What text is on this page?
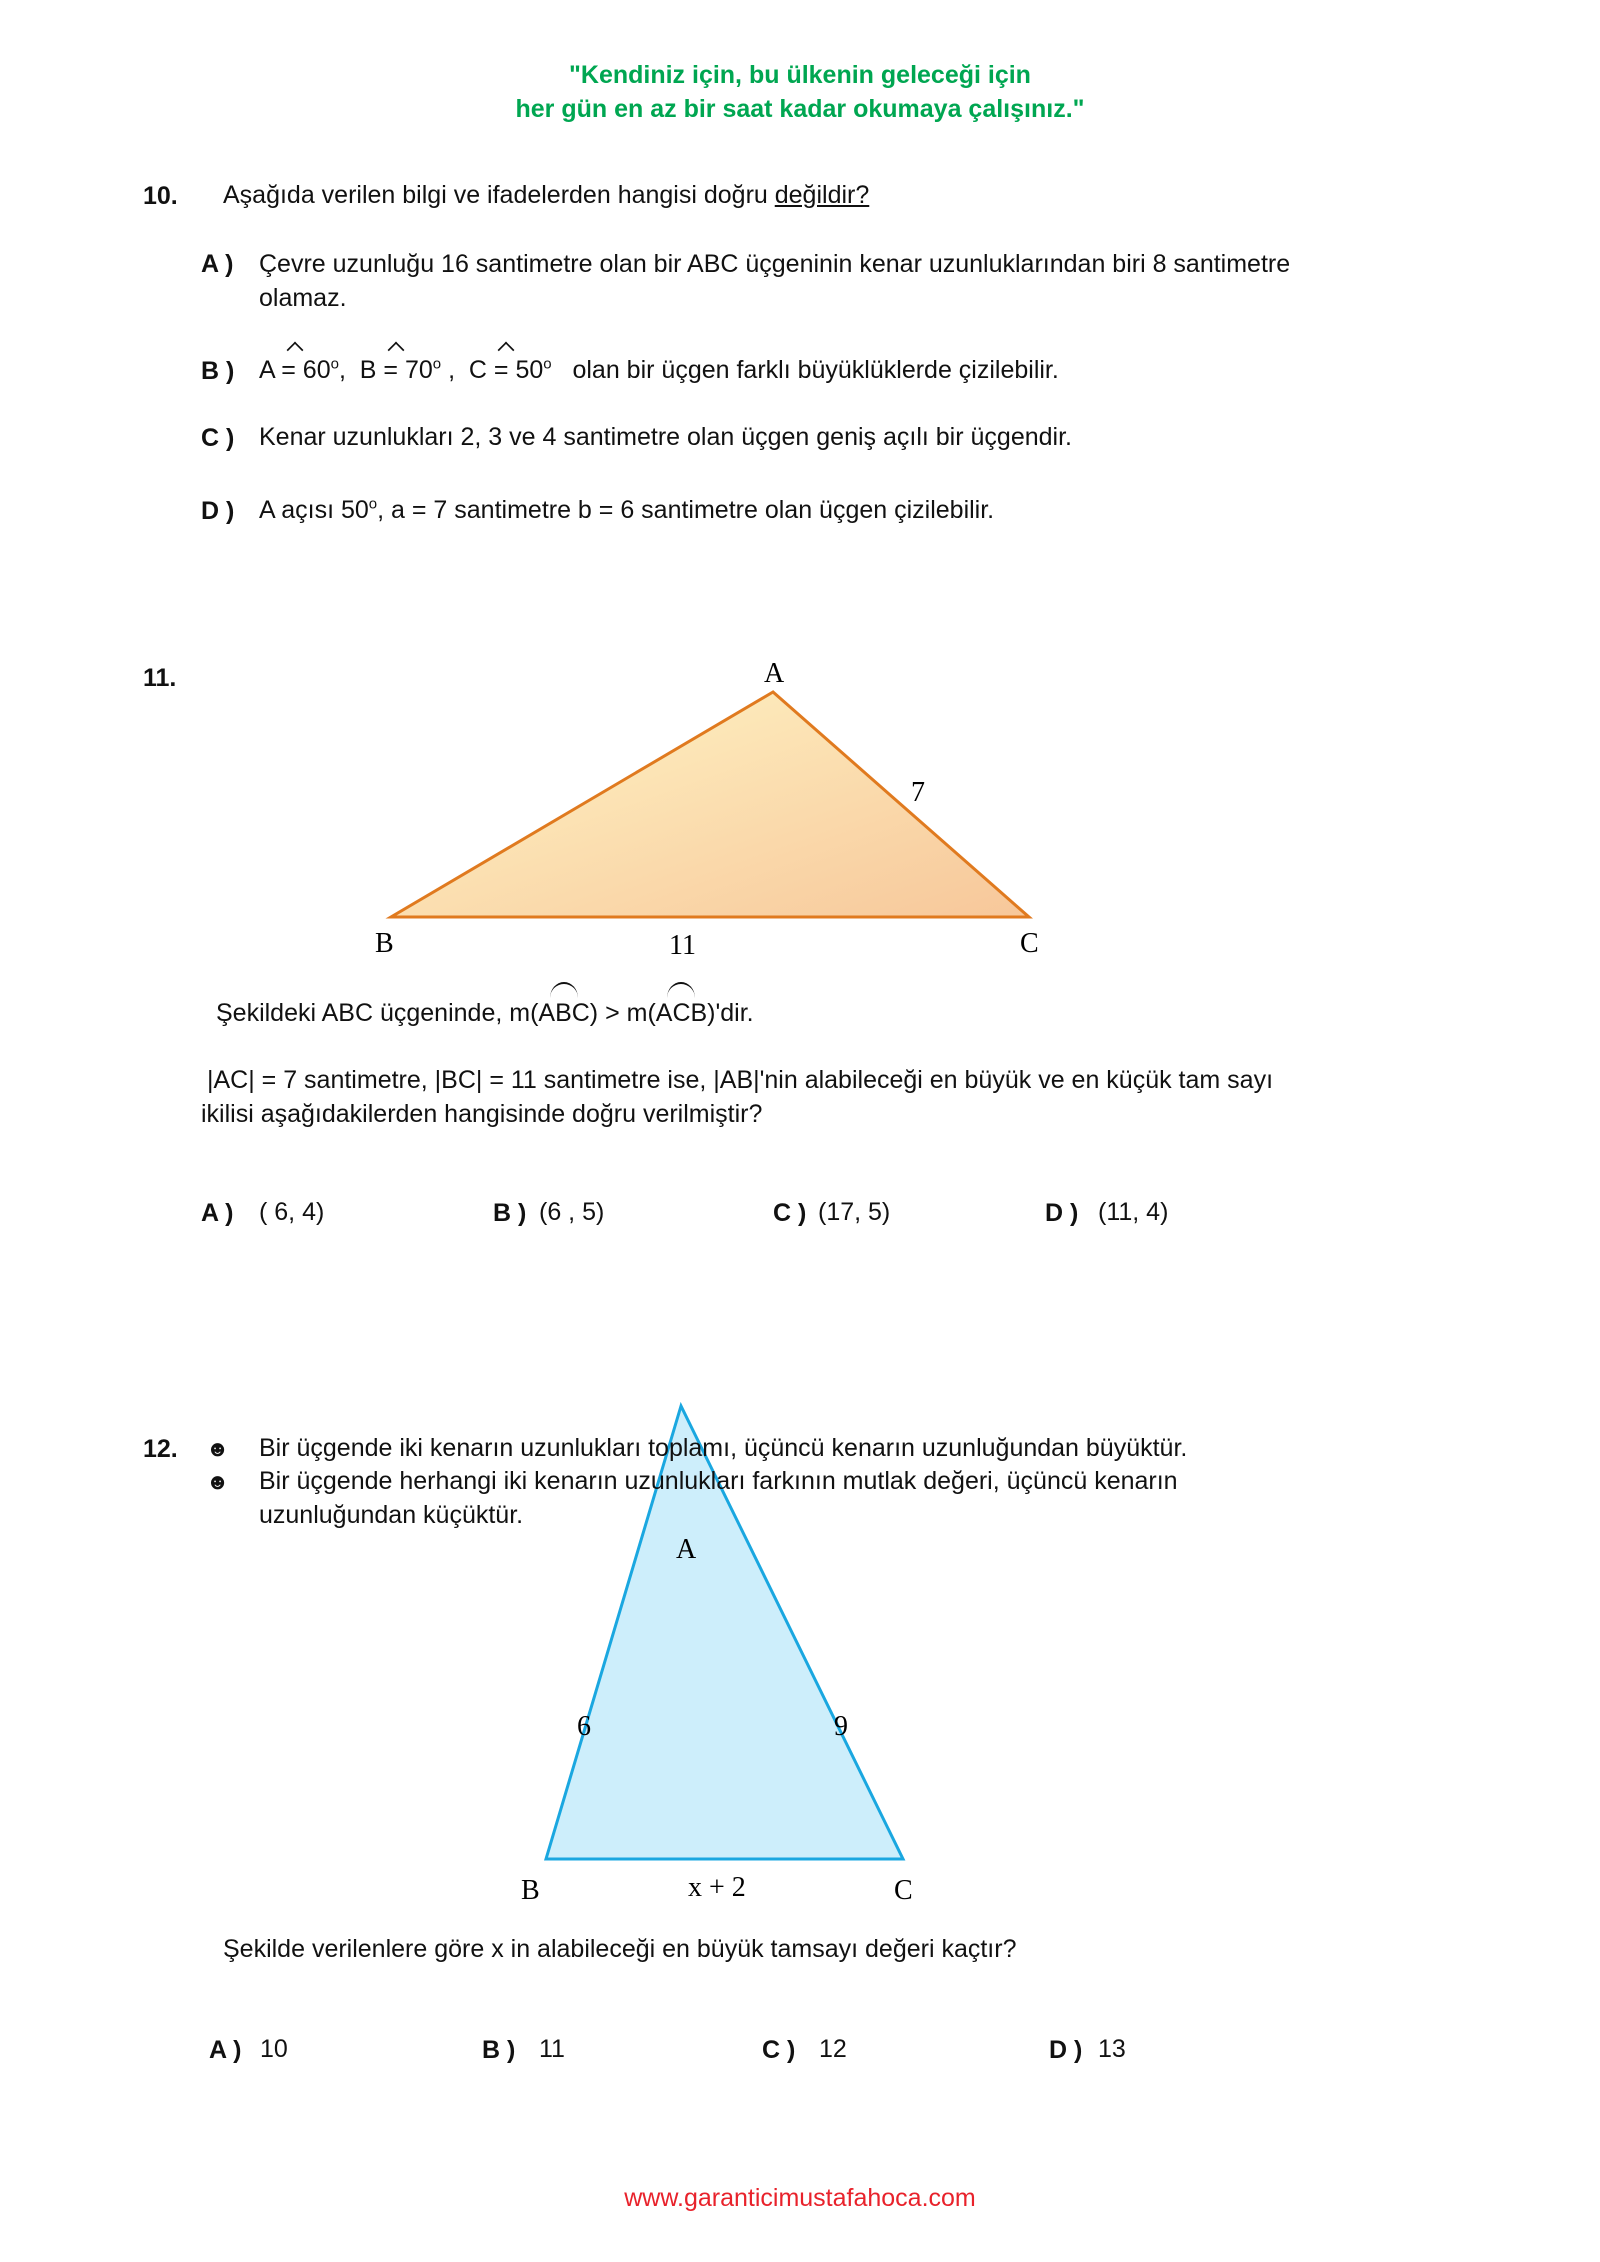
"Kendiniz için, bu ülkenin geleceği için
her gün en az bir saat kadar okumaya çalışınız."
10. Aşağıda verilen bilgi ve ifadelerden hangisi doğru değildir?
A ) Çevre uzunluğu 16 santimetre olan bir ABC üçgeninin kenar uzunluklarından biri 8 santimetre
olamaz.
B ) $A = 60^o$,  $B = 70^o$ ,  $C = 50^o$ olan bir üçgen farklı büyüklüklerde çizilebilir.
C ) Kenar uzunlukları 2, 3 ve 4 santimetre olan üçgen geniş açılı bir üçgendir.
D ) A açısı 50$^o$, a = 7 santimetre b = 6 santimetre olan üçgen çizilebilir.
11.	A
B	C
7
11
A
B	C
6	9
x + 2
Şekildeki ABC üçgeninde, m(ABC) > m(ACB)'dir.
|AC| = 7 santimetre, |BC| = 11 santimetre ise, |AB|'nin alabileceği en büyük ve en küçük tam sayı
ikilisi aşağıdakilerden hangisinde doğru verilmiştir?
A ) ( 6, 4)	B ) (6 , 5)	C ) (17, 5)	D ) (11, 4)
12. ☻ Bir üçgende iki kenarın uzunlukları toplamı, üçüncü kenarın uzunluğundan büyüktür.
☻ Bir üçgende herhangi iki kenarın uzunlukları farkının mutlak değeri, üçüncü kenarın
uzunluğundan küçüktür.
Şekilde verilenlere göre x in alabileceği en büyük tamsayı değeri kaçtır?
A ) 10	B ) 11	C ) 12	D ) 13
www.garanticimustafahoca.com
